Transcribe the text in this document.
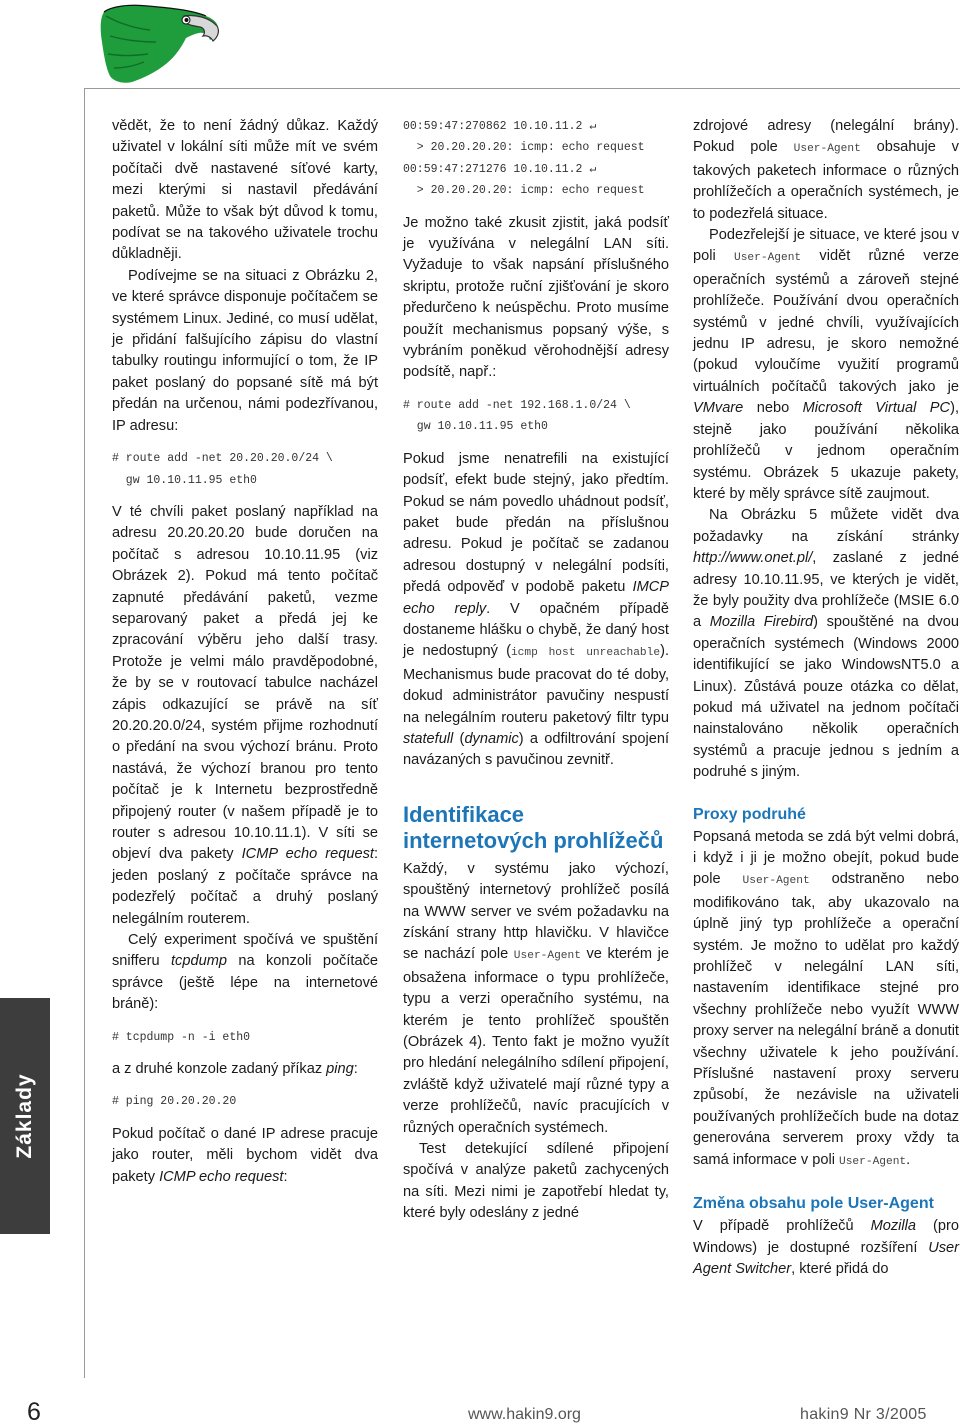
vědět, že to není žádný důkaz. Každý uživatel v lokální síti může mít ve svém počítači dvě nastavené síťové karty, mezi kterými si nastavil předávání paketů. Může to však být důvod k tomu, podívat se na takového uživatele trochu důkladněji.

Podívejme se na situaci z Obrázku 2, ve které správce disponuje počítačem se systémem Linux. Jediné, co musí udělat, je přidání falšujícího zápisu do vlastní tabulky routingu informující o tom, že IP paket poslaný do popsané sítě má být předán na určenou, námi podezřívanou, IP adresu:

# route add -net 20.20.20.0/24 \
gw 10.10.11.95 eth0

V té chvíli paket poslaný například na adresu 20.20.20.20 bude doručen na počítač s adresou 10.10.11.95 (viz Obrázek 2). Pokud má tento počítač zapnuté předávání paketů, vezme separovaný paket a předá jej ke zpracování výběru jeho další trasy. Protože je velmi málo pravděpodobné, že by se v routovací tabulce nacházel zápis odkazující se právě na síť 20.20.20.0/24, systém přijme rozhodnutí o předání na svou výchozí bránu. Proto nastává, že výchozí branou pro tento počítač je k Internetu bezprostředně připojený router (v našem případě je to router s adresou 10.10.11.1). V síti se objeví dva pakety ICMP echo request: jeden poslaný z počítače správce na podezřelý počítač a druhý poslaný nelegálním routerem.

Celý experiment spočívá ve spuštění snifferu tcpdump na konzoli počítače správce (ještě lépe na internetové bráně):

# tcpdump -n -i eth0

a z druhé konzole zadaný příkaz ping:

# ping 20.20.20.20

Pokud počítač o dané IP adrese pracuje jako router, měli bychom vidět dva pakety ICMP echo request:

00:59:47:270862 10.10.11.2 ↵
> 20.20.20.20: icmp: echo request
00:59:47:271276 10.10.11.2 ↵
> 20.20.20.20: icmp: echo request

Je možno také zkusit zjistit, jaká podsíť je využívána v nelegální LAN síti. Vyžaduje to však napsání příslušného skriptu, protože ruční zjišťování je skoro předurčeno k neúspěchu. Proto musíme použít mechanismus popsaný výše, s vybráním poněkud věrohodnější adresy podsítě, např.:

# route add -net 192.168.1.0/24 \
gw 10.10.11.95 eth0

Pokud jsme nenatrefili na existující podsíť, efekt bude stejný, jako předtím. Pokud se nám povedlo uhádnout podsíť, paket bude předán na příslušnou adresu. Pokud je počítač se zadanou adresou dostupný v nelegální podsíti, předá odpověď v podobě paketu IMCP echo reply. V opačném případě dostaneme hlášku o chybě, že daný host je nedostupný (icmp host unreachable). Mechanismus bude pracovat do té doby, dokud administrátor pavučiny nespustí na nelegálním routeru paketový filtr typu statefull (dynamic) a odfiltrování spojení navázaných s pavučinou zevnitř.

Identifikace internetových prohlížečů

Každý, v systému jako výchozí, spouštěný internetový prohlížeč posílá na WWW server ve svém požadavku na získání strany http hlavičku. V hlavičce se nachází pole User-Agent ve kterém je obsažena informace o typu prohlížeče, typu a verzi operačního systému, na kterém je tento prohlížeč spouštěn (Obrázek 4). Tento fakt je možno využít pro hledání nelegálního sdílení připojení, zvláště když uživatelé mají různé typy a verze prohlížečů, navíc pracujících v různých operačních systémech.

Test detekující sdílené připojení spočívá v analýze paketů zachycených na síti. Mezi nimi je zapotřebí hledat ty, které byly odeslány z jedné

zdrojové adresy (nelegální brány). Pokud pole User-Agent obsahuje v takových paketech informace o různých prohlížečích a operačních systémech, je to podezřelá situace.

Podezřelejší je situace, ve které jsou v poli User-Agent vidět různé verze operačních systémů a zároveň stejné prohlížeče. Používání dvou operačních systémů v jedné chvíli, využívajících jednu IP adresu, je skoro nemožné (pokud vyloučíme využití programů virtuálních počítačů takových jako je VMvare nebo Microsoft Virtual PC), stejně jako používání několika prohlížečů v jednom operačním systému. Obrázek 5 ukazuje pakety, které by měly správce sítě zaujmout.

Na Obrázku 5 můžete vidět dva požadavky na získání stránky http://www.onet.pl/, zaslané z jedné adresy 10.10.11.95, ve kterých je vidět, že byly použity dva prohlížeče (MSIE 6.0 a Mozilla Firebird) spouštěné na dvou operačních systémech (Windows 2000 identifikující se jako WindowsNT5.0 a Linux). Zůstává pouze otázka co dělat, pokud má uživatel na jednom počítači nainstalováno několik operačních systémů a pracuje jednou s jedním a podruhé s jiným.

Proxy podruhé

Popsaná metoda se zdá být velmi dobrá, i když i ji je možno obejít, pokud bude pole User-Agent odstraněno nebo modifikováno tak, aby ukazovalo na úplně jiný typ prohlížeče a operační systém. Je možno to udělat pro každý prohlížeč v nelegální LAN síti, nastavením identifikace stejné pro všechny prohlížeče nebo využít WWW proxy server na nelegální bráně a donutit všechny uživatele k jeho používání. Příslušné nastavení proxy serveru způsobí, že nezávisle na uživateli používaných prohlížečích bude na dotaz generována serverem proxy vždy ta samá informace v poli User-Agent.

Změna obsahu pole User-Agent

V případě prohlížečů Mozilla (pro Windows) je dostupné rozšíření User Agent Switcher, které přidá do

Základy
6	www.hakin9.org	hakin9 Nr 3/2005
